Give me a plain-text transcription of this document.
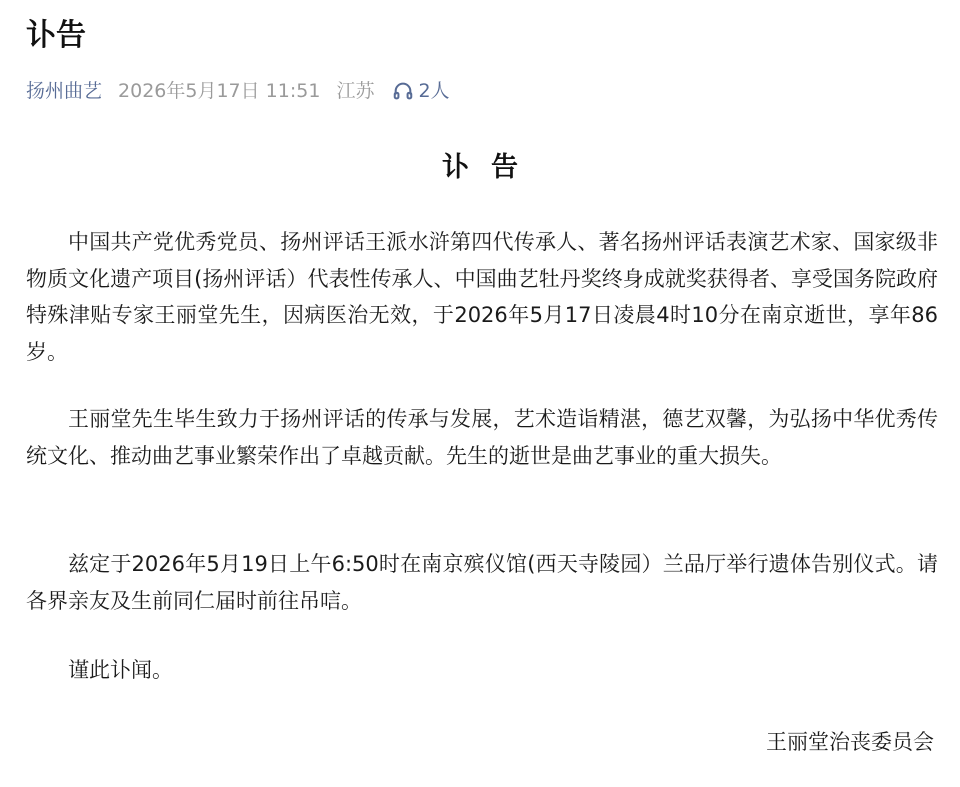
讣告
扬州曲艺 2026年5月17日 11:51 江苏 2人
讣告

中国共产党优秀党员、扬州评话王派水浒第四代传承人、著名扬州评话表演艺术家、国家级非物质文化遗产项目(扬州评话）代表性传承人、中国曲艺牡丹奖终身成就奖获得者、享受国务院政府特殊津贴专家王丽堂先生，因病医治无效，于2026年5月17日凌晨4时10分在南京逝世，享年86岁。

王丽堂先生毕生致力于扬州评话的传承与发展，艺术造诣精湛，德艺双馨，为弘扬中华优秀传统文化、推动曲艺事业繁荣作出了卓越贡献。先生的逝世是曲艺事业的重大损失。

兹定于2026年5月19日上午6:50时在南京殡仪馆(西天寺陵园）兰品厅举行遗体告别仪式。请各界亲友及生前同仁届时前往吊唁。

谨此讣闻。

王丽堂治丧委员会
